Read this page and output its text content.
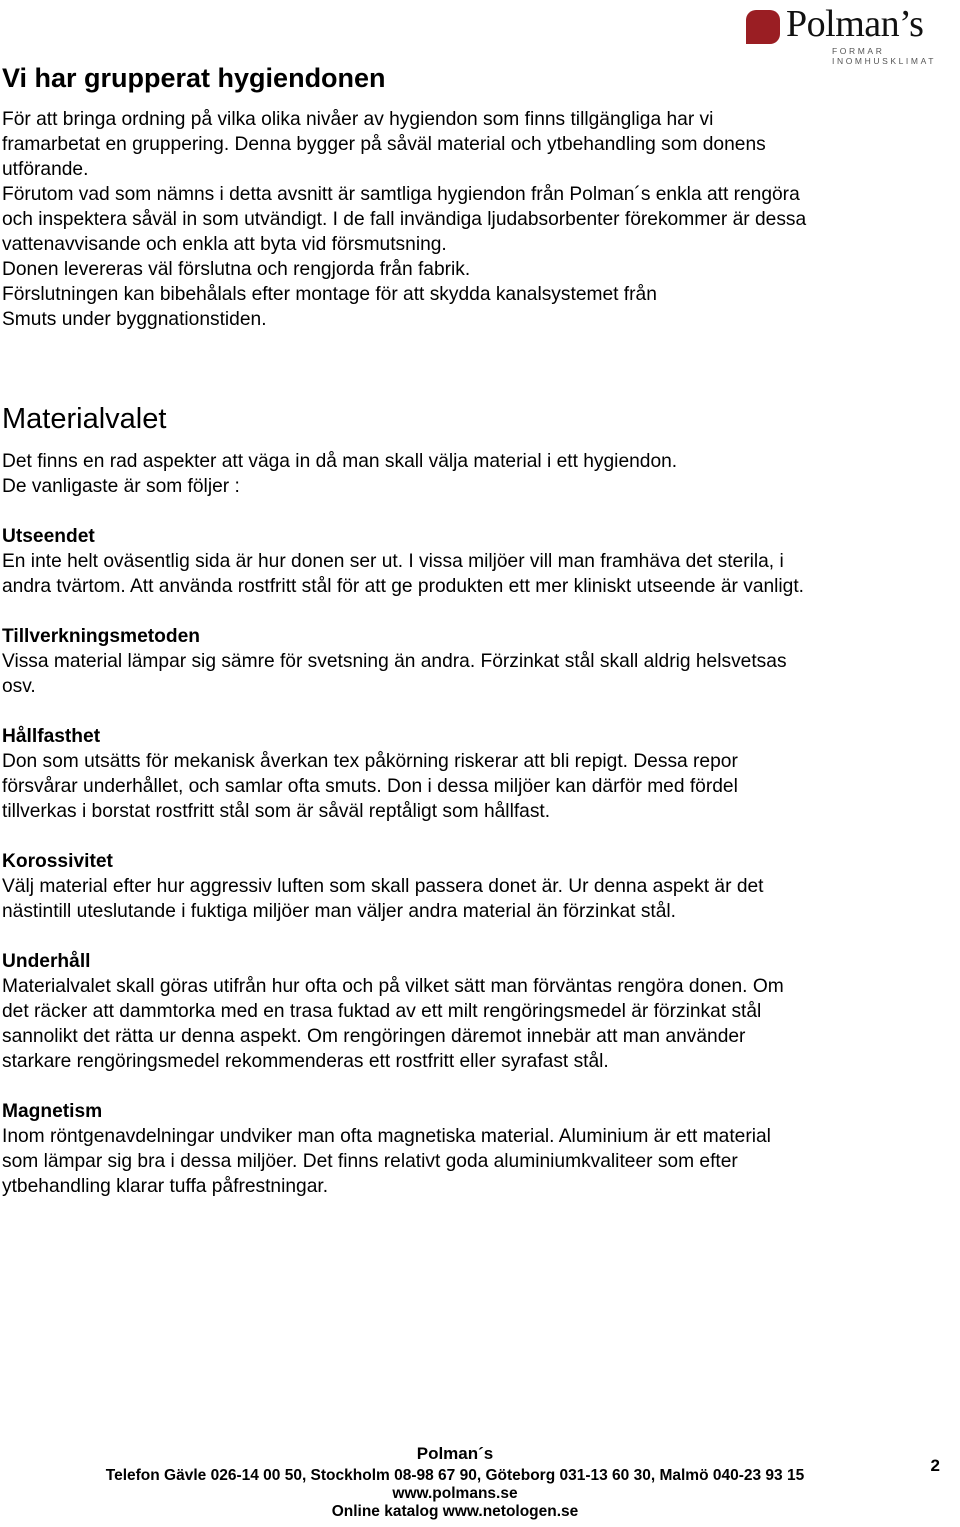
Polman’s
FORMAR INOMHUSKLIMAT
Vi har grupperat hygiendonen

För att bringa ordning på vilka olika nivåer av hygiendon som finns tillgängliga har vi
framarbetat en gruppering. Denna bygger på såväl material och ytbehandling som donens
utförande.
Förutom vad som nämns i detta avsnitt är samtliga hygiendon från Polman´s enkla att rengöra
och inspektera såväl in som utvändigt. I de fall invändiga ljudabsorbenter förekommer är dessa
vattenavvisande och enkla att byta vid försmutsning.
Donen levereras väl förslutna och rengjorda från fabrik.
Förslutningen kan bibehålals efter montage för att skydda kanalsystemet från
Smuts under byggnationstiden.

Materialvalet

Det finns en rad aspekter att väga in då man skall välja material i ett hygiendon.
De vanligaste är som följer :

Utseendet
En inte helt oväsentlig sida är hur donen ser ut. I vissa miljöer vill man framhäva det sterila, i
andra tvärtom. Att använda rostfritt stål för att ge produkten ett mer kliniskt utseende är vanligt.
Tillverkningsmetoden
Vissa material lämpar sig sämre för svetsning än andra. Förzinkat stål skall aldrig helsvetsas
osv.
Hållfasthet
Don som utsätts för mekanisk åverkan tex påkörning riskerar att bli repigt. Dessa repor
försvårar underhållet, och samlar ofta smuts. Don i dessa miljöer kan därför med fördel
tillverkas i borstat rostfritt stål som är såväl reptåligt som hållfast.
Korossivitet
Välj material efter hur aggressiv luften som skall passera donet är. Ur denna aspekt är det
nästintill uteslutande i fuktiga miljöer man väljer andra material än förzinkat stål.
Underhåll
Materialvalet skall göras utifrån hur ofta och på vilket sätt man förväntas rengöra donen. Om
det räcker att dammtorka med en trasa fuktad av ett milt rengöringsmedel är förzinkat stål
sannolikt det rätta ur denna aspekt. Om rengöringen däremot innebär att man använder
starkare rengöringsmedel rekommenderas ett rostfritt eller syrafast stål.
Magnetism
Inom röntgenavdelningar undviker man ofta magnetiska material. Aluminium är ett material
som lämpar sig bra i dessa miljöer. Det finns relativt goda aluminiumkvaliteer som efter
ytbehandling klarar tuffa påfrestningar.
Polman´s
Telefon Gävle 026-14 00 50, Stockholm 08-98 67 90, Göteborg 031-13 60 30, Malmö 040-23 93 15
www.polmans.se
Online katalog www.netologen.se
2
